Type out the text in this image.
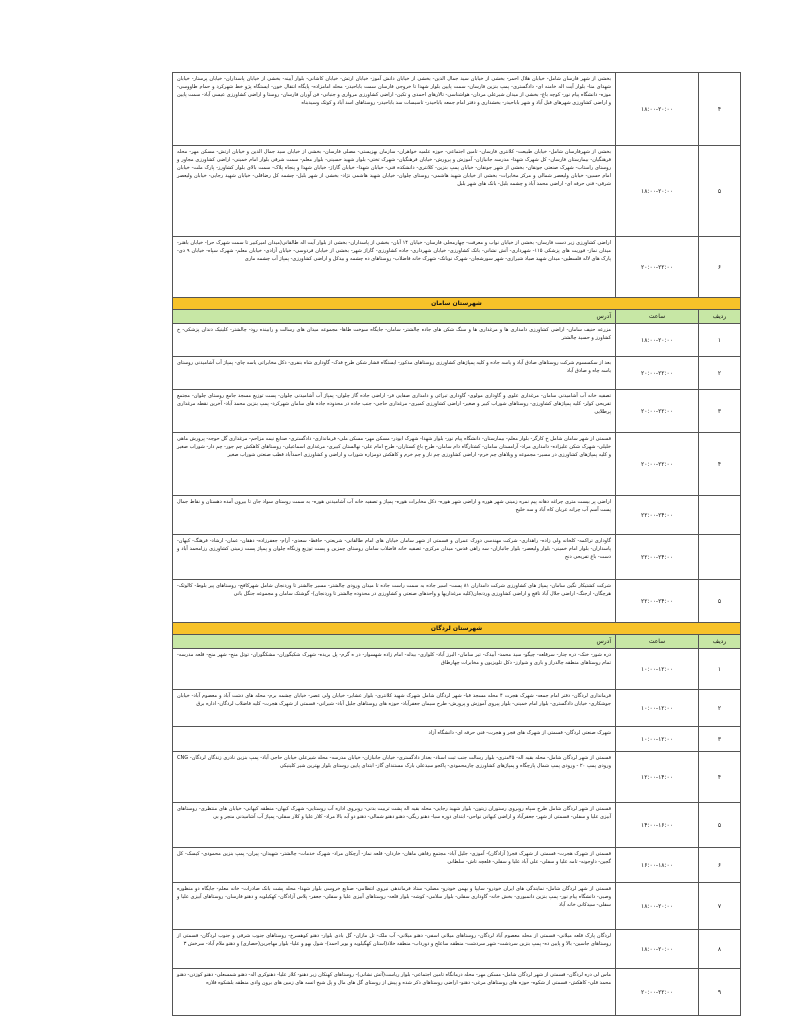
۴	۱۸:۰۰-۲۰:۰۰	بخشی از شهر فارسان شامل- خیابان هلال احمر- بخشی از خیابان سید جمال الدین- بخشی از خیابان دانش آموز- خیابان ارتش- خیابان کاشانی- بلوار آیینه- بخشی از خیابان پاسداران- خیابان پرستار- خیابان شهدای منا- بلوار آیت اله خامنه ای- دادگستری- پمپ بنزین فارسان- سمت پایین بلوار شهدا تا خروجی فارسان سمت باباحیدر- محله امامزاده- پایگاه انتقال خون- ایستگاه پژو خط شهرکرد و حمام طاووسی- موزه- دانشگاه پیام نور- کوچه باغ- بخشی از میدان شیرعلی مردان- هواشناسی- تالارهای احمدی و تکین- اراضی کشاورزی مرواری و جنبانی- فن آوران فارسان- روستا و اراضی کشاورزی عیسی آباد- سمت پایین و اراضی کشاورزی شهرهای قبل آباد و شهر باباحیدر- بخشداری و دفتر امام جمعه باباحیدر- تاسیسات سد باباحیدر- روستاهای اسد آباد و کوتک وسیدبناه

۵	۱۸:۰۰-۲۰:۰۰	بخشی از شهرفارسان شامل- خیابان طبیعت- کلانتری فارسان- تامین اجتماعی- حوزه علمیه خواهران- سازمان بهزیستی- مصلی فارسان- بخشی از خیابان سید جمال الدین و خیابان ارتش- مسکن مهر- محله فرهنگیان- بیمارستان فارسان- کل شهرک شهدا- مدرسه جانبازان- آموزش و پرورش- خیابان فرهنگیان- شهرک تختی- بلوار شهید حسینی- بلوار معلم- سمت شرقی بلوار امام خمینی- اراضی کشاورزی مجاور و روستای راستاب- شهرک صنعتی جونقان- بخشی از شهر جونقان- خیابان پمپ بنزین- کلانتری- دانشکده فنی- خیابان شهدا- خیابان گاراژ- خیابان شهدا و پنجاه پلاک- سمت بالای بلوار کشاورز- پارک ملت- خیابان امام حسین- خیابان ولیعصر شمالی و مرکز مخابرات- بخشی از خیابان شهید هاشمی- روستای چلوان- خیابان شهید هاشمی نژاد- بخشی از شهر بلبل- چشمه کل رضاقلی- خیابان شهید رجایی- خیابان ولیعصر شرقی- فنی حرفه ای- اراضی محمد آباد و چشمه بلبل- بانک های شهر بلبل

۶	۲۰:۰۰-۲۲:۰۰	اراضی کشاورزی زیر دست فارسان- بخشی از خیابان نواب و معرفت- چهارمحلی فارسان- خیابان ۱۴ آبان- بخشی از پاسداران- بخشی از بلوار آیت اله طالقانی(میدان امیرکبیر تا سمت شهرک حر)- خیابان باهنر- میدان نماز- فوریت های پزشکی ۱۱۵- شهرداری- آتش نشانی- بانک کشاورزی- خیابان شهرداری- جاده کشاورزی- گاراژ شهر- بخشی از خیابان فردوسی- خیابان آزادی- خیابان معلم- شهرک سپاه- خیابان ۹ دی- پارک های لاله فلسطین- میدان شهید صیاد شیرازی- شهر سورشجان- شهرک نوبانک- شهرک خانه فاضلاب- روستاهای ده چشمه و بیدکل و اراضی کشاورزی- پمپاژ آب چشمه ماری

شهرستان سامان		
ردیف	ساعت	آدرس
۱	۱۸:۰۰-۲۰:۰۰	مزرعه حنیف سامان- اراضی کشاورزی دامداری ها و مرغداری ها و سنگ شکن های جاده چالشتر- سامان- جایگاه سوخت طاها- مجموعه میدان های رسالت و رابینده رود- چالشتر- کلینیک دندان پزشکی- خ کشاورز و حسید چالشتر

۲	۲۰:۰۰-۲۲:۰۰	بعد از سکسسوم شرکت روستاهای صادق آباد و یاسه جاده و کلیه پمپاژهای کشاورزی روستاهای مذکور- ایستگاه فشار شکن طرح فدک- گاوداری شاه بنفری- ذکل مخابراتی یاسه چای- پمپاژ آب آشامیدنی روستای یاسه چاه و صادق آباد

۳	۲۰:۰۰-۲۲:۰۰	تصفیه خانه آب آشامیدنی سامان- مرغداری علوی و گاوداری مولوی- گاوداری تبرائی و دامداری صفایی فر- اراضی جاده گاز چلوان- پمپاژ آب آشامیدنی چلوان- پست توزیع مسجد جامع روستای چلوان- مجتمع تفریحی کولر- کلیه پمپاژهای کشاورزی- روستاهای شوراب کبیر و صغیر- اراضی کشاورزی کمیری- مرغداری حاجی- جنب جاده در محدوده جاده های سامان شهرکرد- پمپ بنزین محمد آباد- آخرین نقطه مرغداری پرطلایی

۴	۲۰:۰۰-۲۲:۰۰	قسمتی از شهر سامان شامل خ کارگر- بلوار معلم- بیمارستان- دانشگاه پیام نور- بلوار شهدا- شهرک ابوذر- مسکن مهر- مسکن ملی- فرمانداری- دادگستری- صنایع نیمه مزاحم- مرغداری گل حوجه- پرورش ماهی خلیلی- شهرک شکن علیزاده- دامداری مراد- آرامستان سامان- کشتارگاه دام سامان- طرح باغ کستاران- طرح امام علی- نهالستان کبیری- مرغداری اسماعیلی- روستاهای کاهکش چم جور- چم دار- شوراب صغیر و کلیه پمپاژهای کشاورزی در مسیر- مجموعه و ویلاهای چم خرم- اراضی کشاورزی چم ناز و چم خرم و کاهکش دومزاره شوراب و اراضی و کشاورزی احمدآباد قطب صنعتی شوراب صغیر

	۲۲:۰۰-۲۴:۰۰	اراضی پر بیست متری چراغه دهانه پیم نمره زمینی شهر هوره و اراضی شهر هوره- دکل مخابرات هوره- پمپاژ و تصفیه خانه آب آشامیدنی هوره- به سمت روستای سواد جان تا بیرون آمده دهستان و نقاط جمال پست آسم آب چرانه عربان کاه آباد و سه خلیج

	۲۲:۰۰-۲۴:۰۰	گاوداری تراکمه- کلخانه ولی زاده- راهداری- شرکت مهندسی دورک عمران و قسمتی از شهر سامان خیابان های امام طالقانی- شریعتی- حافظ- سعدی- آرام- جعفرزاده- دهقان- عمان- ارشاد- فرهنگ- کیهان- پاسداران- بلوار امام خمینی- بلوار ولیعصر- بلوار جانبازان- سه راهی قدس- میدان مرکزی- تصفیه خانه فاضلاب سامان روستای چمزین و پست توزیع وزنگاه چلوان و پمپاژ پست زمینی کشاورزی رزامحمد آباد و دست- باغ تفریحی دنج

۵	۲۲:۰۰-۲۴:۰۰	شرکت کشتیکار نگین سامان- پمپاژ های کشاورزی شرکت دامداران ۸۱ پست- اسیر جاده به سمت راست جاده تا میدان ورودی چالشتر- مسیر چالشتر تا وردنجان شامل شهرکافج- روستاهای پیر بلوط- کالوتک- هرچگان- ارجنگ- اراضی جلال آباد نافچ و اراضی کشاورزی وردنجان(کلیه مرغداریها و واحدهای صنعتی و کشاورزی در محدوده چالشتر تا وردنجان)- گوشتک سامان و مجموعه جنگل بانی

شهرستان لردگان		
ردیف	ساعت	آدرس
۱	۱۰:۰۰-۱۲:۰۰	دره شور- خنک- دره چنار- سرقلعه- چیگو- سید محمد- آبیدک- تیر سامان- البرز آباد- کلواری- بیدله- امام زاده شهسوار- در ه گرم- پل بریده- شهرک شکیگوران- مشکگوران- توتل منج- شهر منج- قلعه مدرسه- تمام روستاهای منطقه چالدراز و باری و شوارز- دکل تلویزیون و مخابرات چهارطاق

۲	۱۰:۰۰-۱۲:۰۰	فرمانداری لردگان- دفتر امام جمعه- شهرک هجرت ۴ محله مسجد قبا- شهر لردگان شامل شهرک شهید کلانتری- بلوار عشایر- خیابان ولی عصر- خیابان چشمه برم- محله های دشت آباد و معصوم آباد- خیابان جوشکاری- خیابان دادگستری- بلوار امام خمینی- بلوار پیروی آموزش و پرورش- طرح سیمان جعفرآباد- حوزه های روستاهای جلیل آباد- شیرانی- قسمتی از شهرک هجرت- کلیه فاضلاب لردگان- اداره برق

۳	۱۰:۰۰-۱۲:۰۰	شهرک صنعتی لردگان- قسمتی از شهرک های فجر و هجرت- فنی حرفه ای- دانشگاه آزاد

۴	۱۲:۰۰-۱۴:۰۰	قسمتی از شهر لردگان شامل- محله بقیه اله- ۴۵متری- بلوار رسالت جنب ثبت اسناد- بعداز دادگستری- خیابان جانبازان- خیابان مدرسه- محله شیرعلی خیابان حاجی آباد- پمپ بنزین نادری زندگان لردگان- CNG ورودی پمپ ۲۰ - ورودی پمپ شمال پارچگاه و پمپاژهای کشاورزی چارمحمودی- پاکجو سیدعلی بارک مستندای گاز- ابتدای پایین روستای بلوار بهترین شیر کلینیکی

۵	۱۴:۰۰-۱۶:۰۰	قسمتی از شهر لردگان شامل طرح سپاه روبروی رستوران زیتون- بلوار شهید رجایی- محله بقیه اله پشت تربیت بدنی- روبروی اداره آب روستایی- شهرک کیهان- منطقه کیهانی- خیابان های منتظری- روستاهای آبیزی علیا و سفلی- قسمتی از شهر- جعفرآباد و اراضی کیهانی نواحی- ابتدای دوره سیا- دهنو ریگی- دهنو دهنو شمالی- دهنو دو آبه بالا مراد- کلار علیا و کلار سفلی- پمپاژ آب آشامیدنی منجر و بی

۶	۱۶:۰۰-۱۸:۰۰	قسمتی از شهرک هجرت- قسمتی از شهرک فجر( آزادگان)- آموزی- جلیل آباد- مجتمع رفاهی ماهان- خاردان- قلعه نماز- آرچکان مراد- شهرک خدمات- چالشتر- شهیدان- پیران- پمپ بنزین محمودی- کیسک- کل گجین- داوجونه- تامه علیا و سفلی- علی آباد علیا و سفلی- قلعچه تاش- سلطانی

۷	۱۸:۰۰-۲۰:۰۰	قسمتی از شهر لردگان شامل- نمایندگی های ایران خودرو- سایپا و بهمن خودرو- مصلی- ستاد فرماندهی نیروی انتظامی- صنایع خروسی بلوار شهدا- محله پشت بانک صادرات- خانه معلم- جایگاه دو منظوره وصبی- دانشگاه پیام نور- پمپ بنزین دانمبوری- بخش خانه- گاوداری سفلی- بلوار سلامی- کوشه- بلوار قلعه- روستاهای آبیزی علیا و سفلی- جعفر- پلاس آزادگان- کهکیلویه و دهنو فارسان- روستاهای آبیزی علیا و سفلی- سیدکانی خانه آباد

۸	۱۸:۰۰-۲۰:۰۰	لردگان پارک قلعه میلانی- قسمتی از محله معصوم آباد لردگان- روستاهای میلانی اسفی- دهنو میلانی- آب ملک- تل مازان- گل بادی بلوار- دهنو کوهسرخ- روستاهای جنوب شرقی و جنوب لردگان- قسمتی از روستاهای جاسین- بالا و پایین ده- پمپ بنزین سردشت- شهر سردشت- منطقه ساعلح و دورداب- منطقه خلاد(استان کهگیلویه و بویر احمد)- شول بهو و علیا- بلوار مهاجرین(حصاری) و دهنو ملام آباد- سرخش ۳

۹	۲۰:۰۰-۲۲:۰۰	ماس لی دره لردگان- قسمتی از شهر لردگان شامل- مسکن مهر- محله درمانگاه تامین اجتماعی- بلوار ریاست(آتش نشانی)- روستاهای کهنکان زیر دهنو- کلار علیا- دهنوکری اله- دهنو شمسعلی- دهنو کوزدن- دهنو محمد قلی- کاهکش- قسمتی از شکوه- حوزه های روستاهای مرغی- دهنو- اراضی روستاهای ذکر شده و پیش از روستای گل های مال و پل شیخ انسه های زمین های برون وادی منطقه بلشکوه فلاره
